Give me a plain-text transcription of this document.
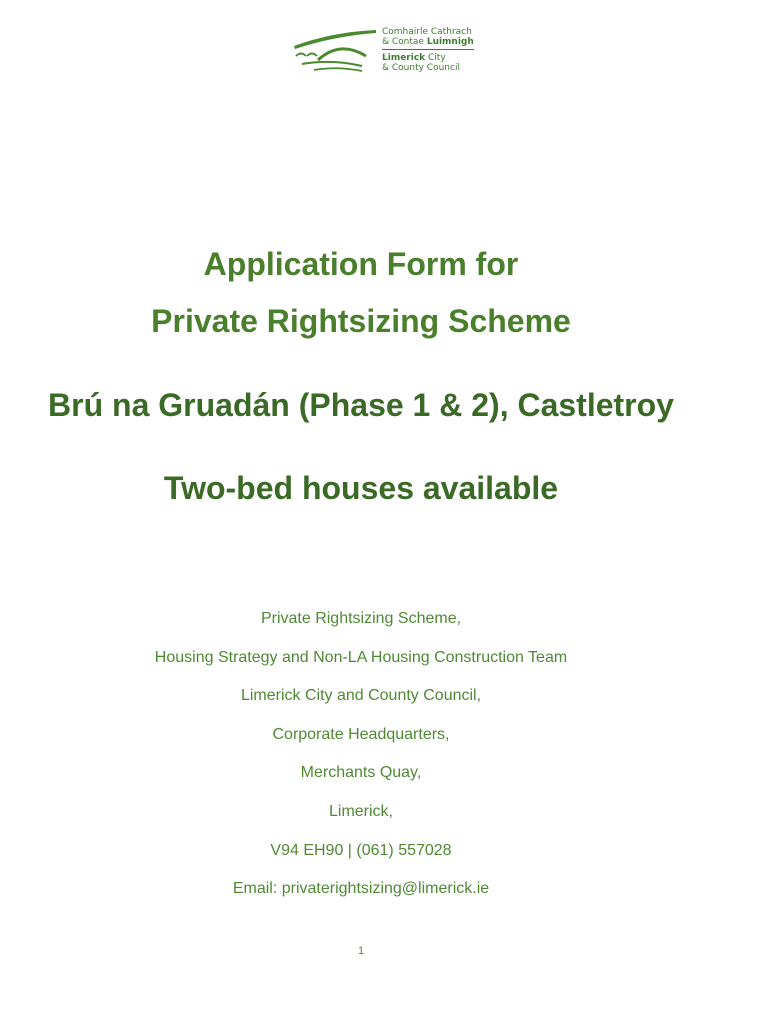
Comhairle Cathrach
& Contae Luimnigh
Limerick City
& County Council
Application Form for
Private Rightsizing Scheme
Brú na Gruadán (Phase 1 & 2), Castletroy
Two-bed houses available
Private Rightsizing Scheme,
Housing Strategy and Non-LA Housing Construction Team
Limerick City and County Council,
Corporate Headquarters,
Merchants Quay,
Limerick,
V94 EH90 | (061) 557028
Email: privaterightsizing@limerick.ie
1
